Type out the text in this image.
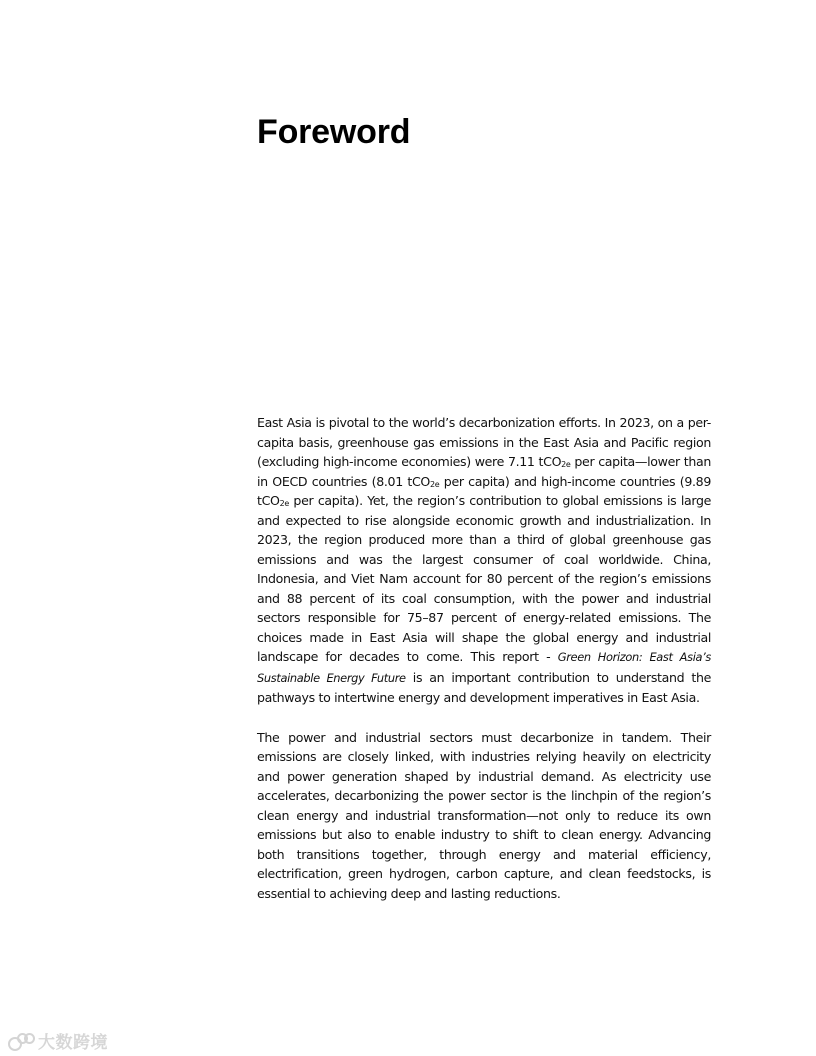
Foreword

East Asia is pivotal to the world’s decarbonization efforts. In 2023, on a per-capita basis, greenhouse gas emissions in the East Asia and Pacific region (excluding high-income economies) were 7.11 tCO$_{2e}$ per capita—lower than in OECD countries (8.01 tCO$_{2e}$ per capita) and high-income countries (9.89 tCO$_{2e}$ per capita). Yet, the region’s contribution to global emissions is large and expected to rise alongside economic growth and industrialization. In 2023, the region produced more than a third of global greenhouse gas emissions and was the largest consumer of coal worldwide. China, Indonesia, and Viet Nam account for 80 percent of the region’s emissions and 88 percent of its coal consumption, with the power and industrial sectors responsible for 75–87 percent of energy-related emissions. The choices made in East Asia will shape the global energy and industrial landscape for decades to come. This report - Green Horizon: East Asia’s Sustainable Energy Future is an important contribution to understand the pathways to intertwine energy and development imperatives in East Asia.

The power and industrial sectors must decarbonize in tandem. Their emissions are closely linked, with industries relying heavily on electricity and power generation shaped by industrial demand. As electricity use accelerates, decarbonizing the power sector is the linchpin of the region’s clean energy and industrial transformation—not only to reduce its own emissions but also to enable industry to shift to clean energy. Advancing both transitions together, through energy and material efficiency, electrification, green hydrogen, carbon capture, and clean feedstocks, is essential to achieving deep and lasting reductions.

大数跨境
